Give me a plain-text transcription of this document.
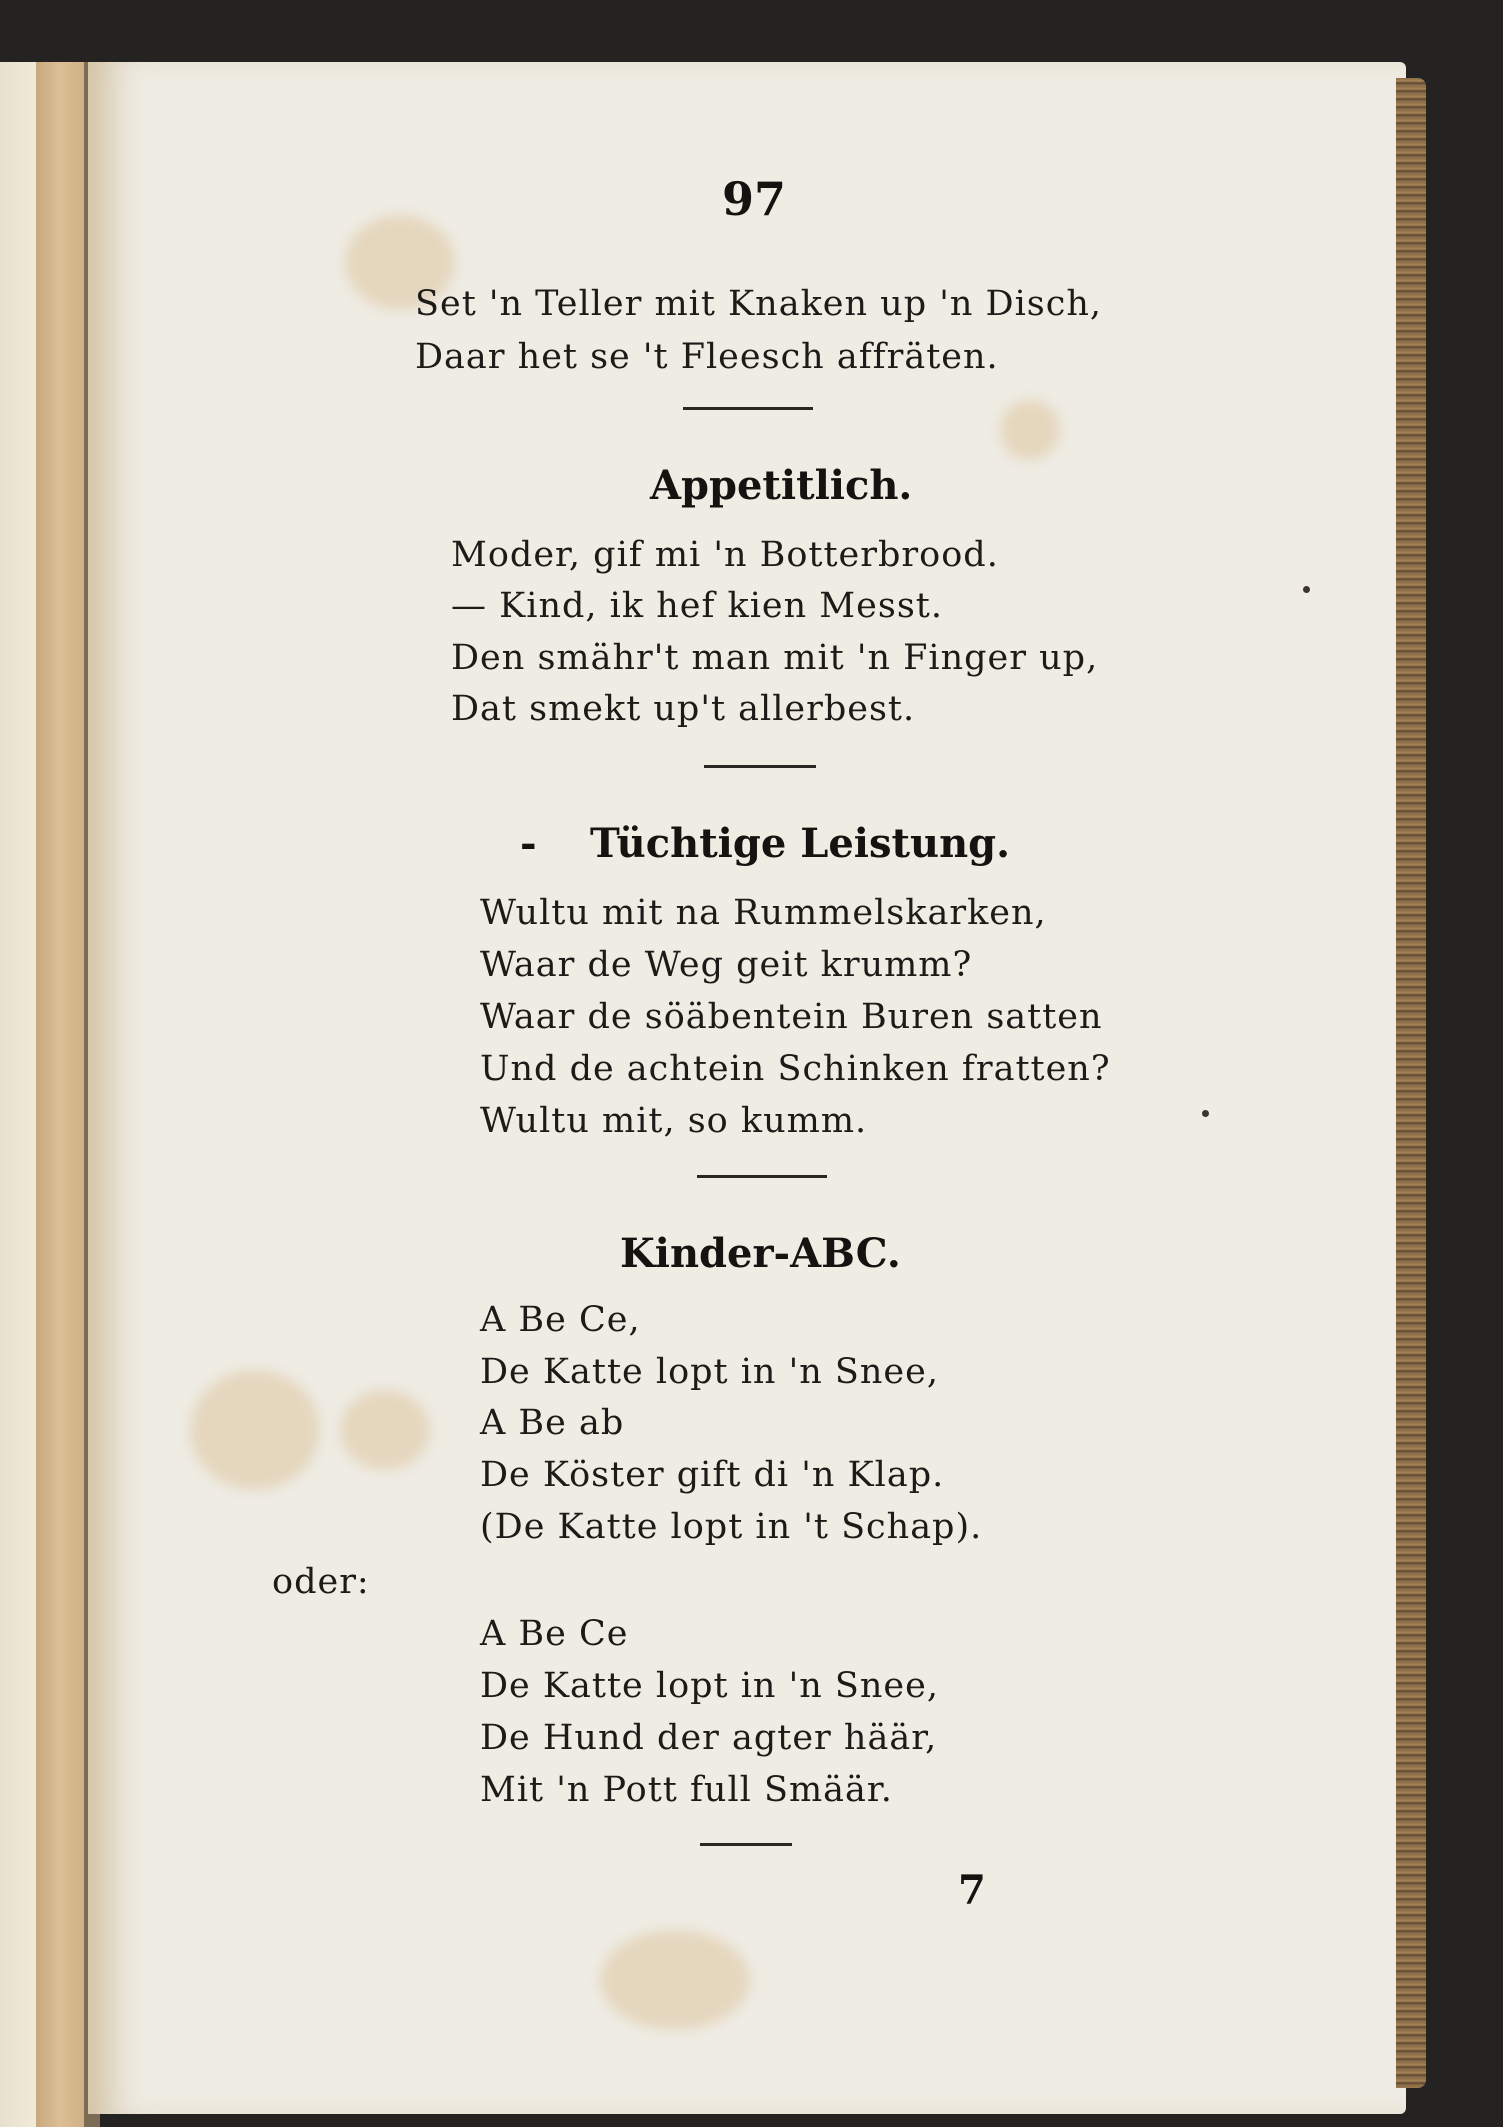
97
Set 'n Teller mit Knaken up 'n Disch,
Daar het se 't Fleesch affräten.
Appetitlich.
Moder, gif mi 'n Botterbrood.
— Kind, ik hef kien Messt.
Den smähr't man mit 'n Finger up,
Dat smekt up't allerbest.
- Tüchtige Leistung.
Wultu mit na Rummelskarken,
Waar de Weg geit krumm?
Waar de söäbentein Buren satten
Und de achtein Schinken fratten?
Wultu mit, so kumm.
Kinder-ABC.
A Be Ce,
De Katte lopt in 'n Snee,
A Be ab
De Köster gift di 'n Klap.
(De Katte lopt in 't Schap).
oder:
A Be Ce
De Katte lopt in 'n Snee,
De Hund der agter häär,
Mit 'n Pott full Smäär.
7
